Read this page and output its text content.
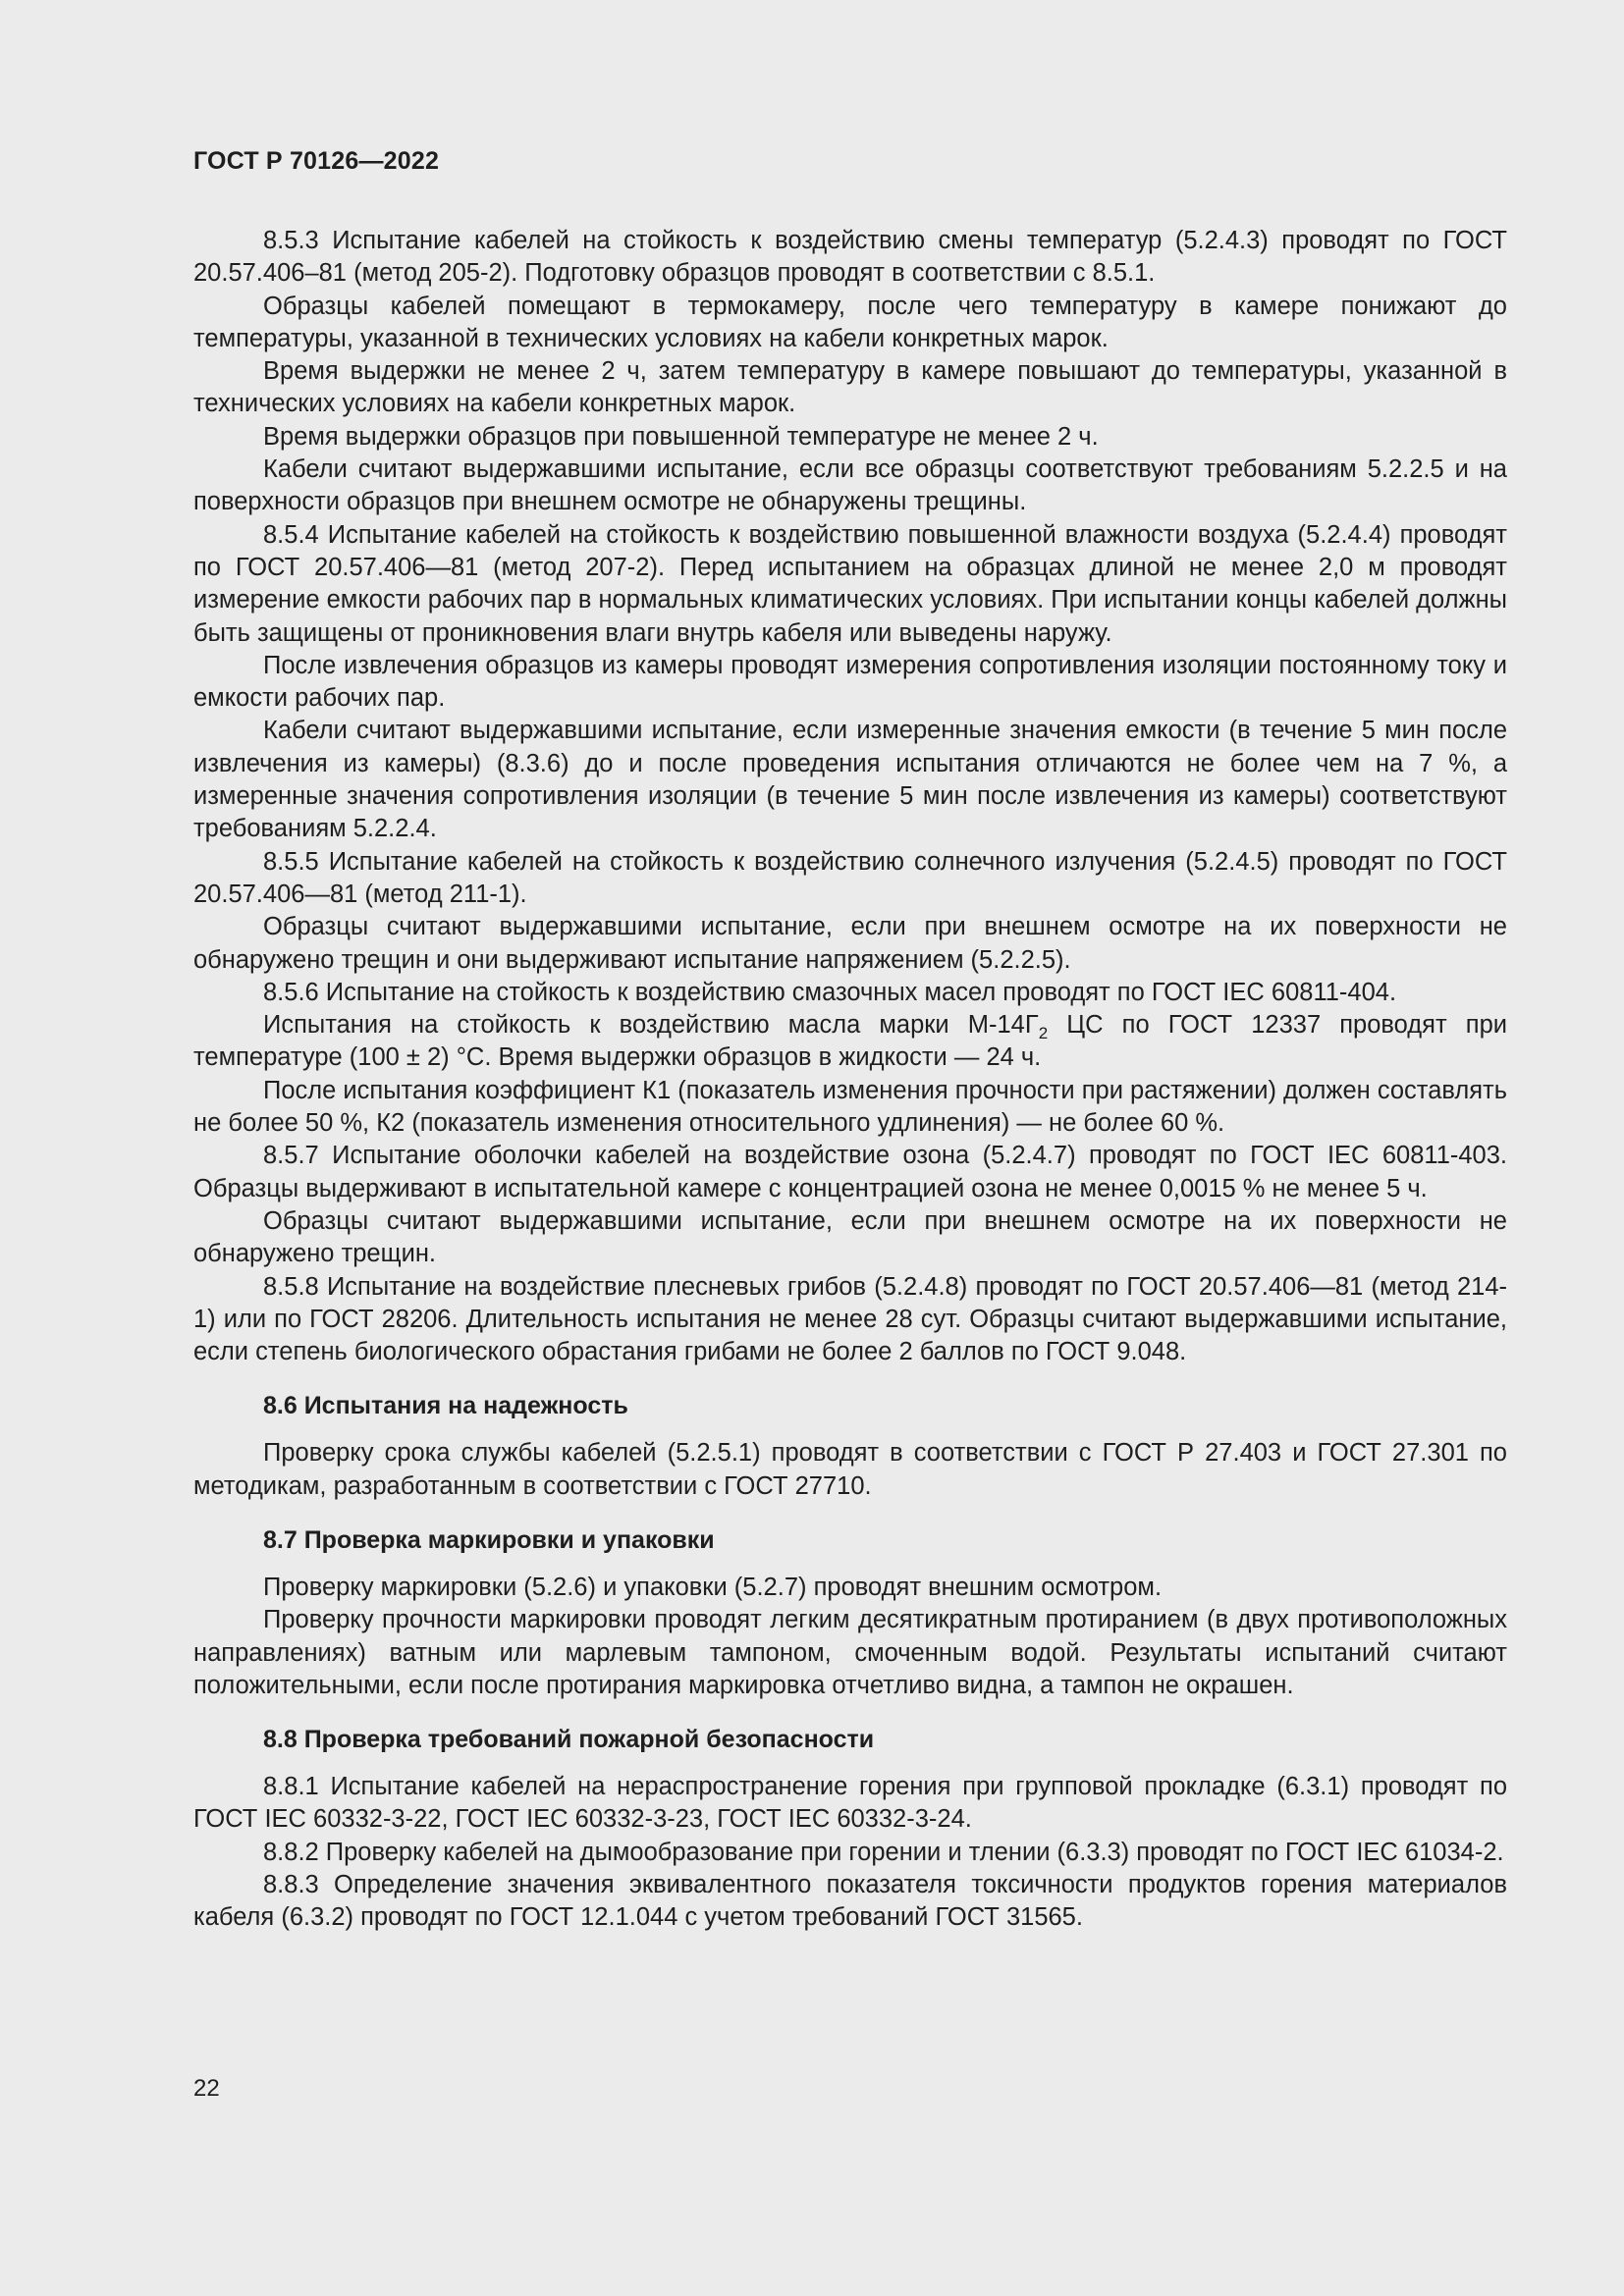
ГОСТ Р 70126—2022

8.5.3 Испытание кабелей на стойкость к воздействию смены температур (5.2.4.3) проводят по ГОСТ 20.57.406–81 (метод 205-2). Подготовку образцов проводят в соответствии с 8.5.1.

Образцы кабелей помещают в термокамеру, после чего температуру в камере понижают до температуры, указанной в технических условиях на кабели конкретных марок.

Время выдержки не менее 2 ч, затем температуру в камере повышают до температуры, указанной в технических условиях на кабели конкретных марок.

Время выдержки образцов при повышенной температуре не менее 2 ч.

Кабели считают выдержавшими испытание, если все образцы соответствуют требованиям 5.2.2.5 и на поверхности образцов при внешнем осмотре не обнаружены трещины.

8.5.4 Испытание кабелей на стойкость к воздействию повышенной влажности воздуха (5.2.4.4) проводят по ГОСТ 20.57.406—81 (метод 207-2). Перед испытанием на образцах длиной не менее 2,0 м проводят измерение емкости рабочих пар в нормальных климатических условиях. При испытании концы кабелей должны быть защищены от проникновения влаги внутрь кабеля или выведены наружу.

После извлечения образцов из камеры проводят измерения сопротивления изоляции постоянному току и емкости рабочих пар.

Кабели считают выдержавшими испытание, если измеренные значения емкости (в течение 5 мин после извлечения из камеры) (8.3.6) до и после проведения испытания отличаются не более чем на 7 %, а измеренные значения сопротивления изоляции (в течение 5 мин после извлечения из камеры) соответствуют требованиям 5.2.2.4.

8.5.5 Испытание кабелей на стойкость к воздействию солнечного излучения (5.2.4.5) проводят по ГОСТ 20.57.406—81 (метод 211-1).

Образцы считают выдержавшими испытание, если при внешнем осмотре на их поверхности не обнаружено трещин и они выдерживают испытание напряжением (5.2.2.5).

8.5.6 Испытание на стойкость к воздействию смазочных масел проводят по ГОСТ IEC 60811-404.

Испытания на стойкость к воздействию масла марки $М-14Г_2$ ЦС по ГОСТ 12337 проводят при температуре (100 ± 2) °С. Время выдержки образцов в жидкости — 24 ч.

После испытания коэффициент К1 (показатель изменения прочности при растяжении) должен составлять не более 50 %, К2 (показатель изменения относительного удлинения) — не более 60 %.

8.5.7 Испытание оболочки кабелей на воздействие озона (5.2.4.7) проводят по ГОСТ IEC 60811-403. Образцы выдерживают в испытательной камере с концентрацией озона не менее 0,0015 % не менее 5 ч.

Образцы считают выдержавшими испытание, если при внешнем осмотре на их поверхности не обнаружено трещин.

8.5.8 Испытание на воздействие плесневых грибов (5.2.4.8) проводят по ГОСТ 20.57.406—81 (метод 214-1) или по ГОСТ 28206. Длительность испытания не менее 28 сут. Образцы считают выдержавшими испытание, если степень биологического обрастания грибами не более 2 баллов по ГОСТ 9.048.

8.6 Испытания на надежность

Проверку срока службы кабелей (5.2.5.1) проводят в соответствии с ГОСТ Р 27.403 и ГОСТ 27.301 по методикам, разработанным в соответствии с ГОСТ 27710.

8.7 Проверка маркировки и упаковки

Проверку маркировки (5.2.6) и упаковки (5.2.7) проводят внешним осмотром.

Проверку прочности маркировки проводят легким десятикратным протиранием (в двух противоположных направлениях) ватным или марлевым тампоном, смоченным водой. Результаты испытаний считают положительными, если после протирания маркировка отчетливо видна, а тампон не окрашен.

8.8 Проверка требований пожарной безопасности

8.8.1 Испытание кабелей на нераспространение горения при групповой прокладке (6.3.1) проводят по ГОСТ IEC 60332-3-22, ГОСТ IEC 60332-3-23, ГОСТ IEC 60332-3-24.

8.8.2 Проверку кабелей на дымообразование при горении и тлении (6.3.3) проводят по ГОСТ IEC 61034-2.

8.8.3 Определение значения эквивалентного показателя токсичности продуктов горения материалов кабеля (6.3.2) проводят по ГОСТ 12.1.044 с учетом требований ГОСТ 31565.

22
